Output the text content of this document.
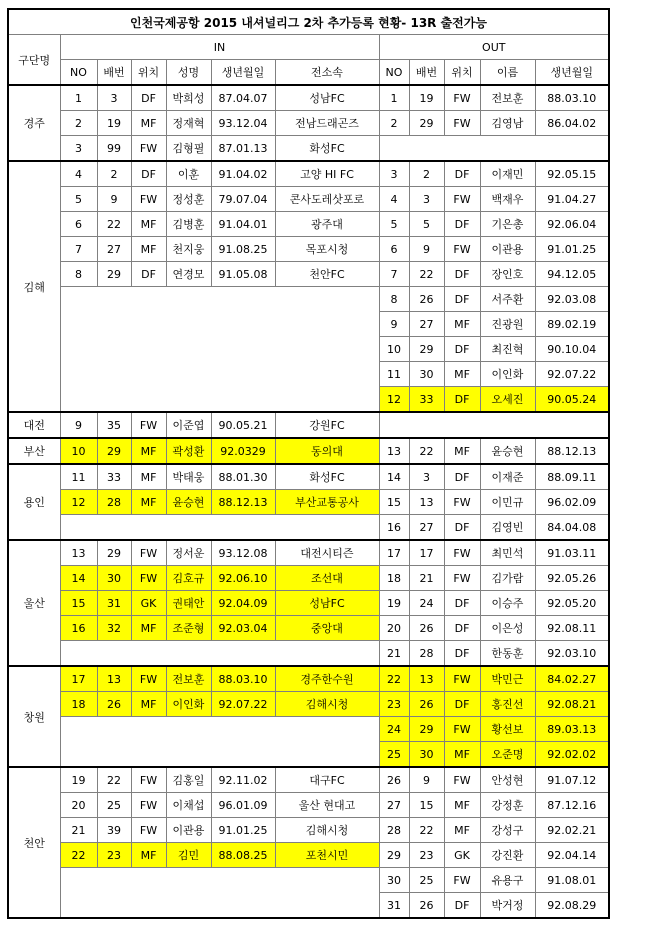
인천국제공항 2015 내셔널리그 2차 추가등록 현황- 13R 출전가능											
구단명	IN						OUT				
	NO	배번	위치	성명	생년월일	전소속	NO	배번	위치	이름	생년월일
경주	1	3	DF	박희성	87.04.07	성남FC	1	19	FW	전보훈	88.03.10
	2	19	MF	정재혁	93.12.04	전남드래곤즈	2	29	FW	김영남	86.04.02
	3	99	FW	김형필	87.01.13	화성FC					
김해	4	2	DF	이훈	91.04.02	고양 HI FC	3	2	DF	이재민	92.05.15
	5	9	FW	정성훈	79.07.04	콘사도레삿포로	4	3	FW	백재우	91.04.27
	6	22	MF	김병훈	91.04.01	광주대	5	5	DF	기은총	92.06.04
	7	27	MF	천지웅	91.08.25	목포시청	6	9	FW	이관용	91.01.25
	8	29	DF	연경모	91.05.08	천안FC	7	22	DF	장인호	94.12.05
							8	26	DF	서주환	92.03.08
							9	27	MF	진광원	89.02.19
							10	29	DF	최진혁	90.10.04
							11	30	MF	이인화	92.07.22
							12	33	DF	오세진	90.05.24
대전	9	35	FW	이준엽	90.05.21	강원FC					
부산	10	29	MF	곽성환	92.0329	동의대	13	22	MF	윤승현	88.12.13
용인	11	33	MF	박태웅	88.01.30	화성FC	14	3	DF	이재준	88.09.11
	12	28	MF	윤승현	88.12.13	부산교통공사	15	13	FW	이민규	96.02.09
							16	27	DF	김영빈	84.04.08
울산	13	29	FW	정서운	93.12.08	대전시티즌	17	17	FW	최민석	91.03.11
	14	30	FW	김호규	92.06.10	조선대	18	21	FW	김가람	92.05.26
	15	31	GK	권태안	92.04.09	성남FC	19	24	DF	이승주	92.05.20
	16	32	MF	조준형	92.03.04	중앙대	20	26	DF	이은성	92.08.11
							21	28	DF	한동훈	92.03.10
창원	17	13	FW	전보훈	88.03.10	경주한수원	22	13	FW	박민근	84.02.27
	18	26	MF	이인화	92.07.22	김해시청	23	26	DF	홍진선	92.08.21
							24	29	FW	황선보	89.03.13
							25	30	MF	오준명	92.02.02
천안	19	22	FW	김홍일	92.11.02	대구FC	26	9	FW	안성현	91.07.12
	20	25	FW	이채섭	96.01.09	울산 현대고	27	15	MF	강정훈	87.12.16
	21	39	FW	이관용	91.01.25	김해시청	28	22	MF	강성구	92.02.21
	22	23	MF	김민	88.08.25	포천시민	29	23	GK	강진환	92.04.14
							30	25	FW	유용구	91.08.01
							31	26	DF	박거정	92.08.29
